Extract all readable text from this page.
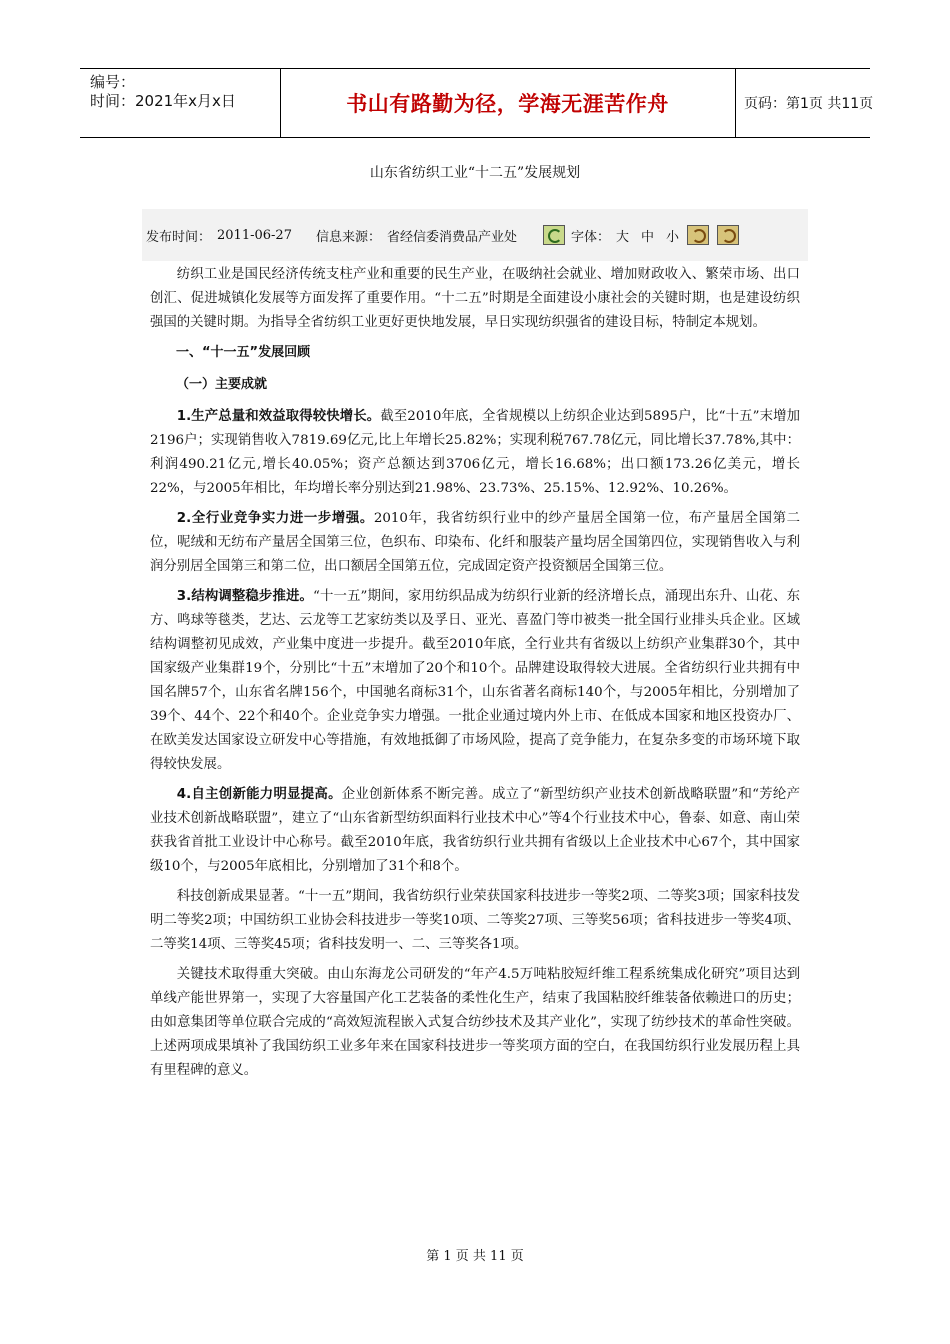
编号：
时间：2021年x月x日	书山有路勤为径，学海无涯苦作舟	页码：第1页 共11页
山东省纺织工业“十二五”发展规划
发布时间： 2011-06-27 信息来源： 省经信委消费品产业处	字体： 大 中 小

纺织工业是国民经济传统支柱产业和重要的民生产业，在吸纳社会就业、增加财政收入、繁荣市场、出口创汇、促进城镇化发展等方面发挥了重要作用。“十二五”时期是全面建设小康社会的关键时期，也是建设纺织强国的关键时期。为指导全省纺织工业更好更快地发展，早日实现纺织强省的建设目标，特制定本规划。

一、“十一五”发展回顾

（一）主要成就

1.生产总量和效益取得较快增长。截至2010年底，全省规模以上纺织企业达到5895户，比“十五”末增加2196户；实现销售收入7819.69亿元,比上年增长25.82%；实现利税767.78亿元，同比增长37.78%,其中：利润490.21亿元,增长40.05%；资产总额达到3706亿元，增长16.68%；出口额173.26亿美元，增长22%，与2005年相比，年均增长率分别达到21.98%、23.73%、25.15%、12.92%、10.26%。

2.全行业竞争实力进一步增强。2010年，我省纺织行业中的纱产量居全国第一位，布产量居全国第二位，呢绒和无纺布产量居全国第三位，色织布、印染布、化纤和服装产量均居全国第四位，实现销售收入与利润分别居全国第三和第二位，出口额居全国第五位，完成固定资产投资额居全国第三位。

3.结构调整稳步推进。“十一五”期间，家用纺织品成为纺织行业新的经济增长点，涌现出东升、山花、东方、鸣球等毯类，艺达、云龙等工艺家纺类以及孚日、亚光、喜盈门等巾被类一批全国行业排头兵企业。区域结构调整初见成效，产业集中度进一步提升。截至2010年底，全行业共有省级以上纺织产业集群30个，其中国家级产业集群19个，分别比“十五”末增加了20个和10个。品牌建设取得较大进展。全省纺织行业共拥有中国名牌57个，山东省名牌156个，中国驰名商标31个，山东省著名商标140个，与2005年相比，分别增加了39个、44个、22个和40个。企业竞争实力增强。一批企业通过境内外上市、在低成本国家和地区投资办厂、在欧美发达国家设立研发中心等措施，有效地抵御了市场风险，提高了竞争能力，在复杂多变的市场环境下取得较快发展。

4.自主创新能力明显提高。企业创新体系不断完善。成立了“新型纺织产业技术创新战略联盟”和“芳纶产业技术创新战略联盟”，建立了“山东省新型纺织面料行业技术中心”等4个行业技术中心，鲁泰、如意、南山荣获我省首批工业设计中心称号。截至2010年底，我省纺织行业共拥有省级以上企业技术中心67个，其中国家级10个，与2005年底相比，分别增加了31个和8个。

科技创新成果显著。“十一五”期间，我省纺织行业荣获国家科技进步一等奖2项、二等奖3项；国家科技发明二等奖2项；中国纺织工业协会科技进步一等奖10项、二等奖27项、三等奖56项；省科技进步一等奖4项、二等奖14项、三等奖45项；省科技发明一、二、三等奖各1项。

关键技术取得重大突破。由山东海龙公司研发的“年产4.5万吨粘胶短纤维工程系统集成化研究”项目达到单线产能世界第一，实现了大容量国产化工艺装备的柔性化生产，结束了我国粘胶纤维装备依赖进口的历史；由如意集团等单位联合完成的“高效短流程嵌入式复合纺纱技术及其产业化”，实现了纺纱技术的革命性突破。上述两项成果填补了我国纺织工业多年来在国家科技进步一等奖项方面的空白，在我国纺织行业发展历程上具有里程碑的意义。

第 1 页 共 11 页
